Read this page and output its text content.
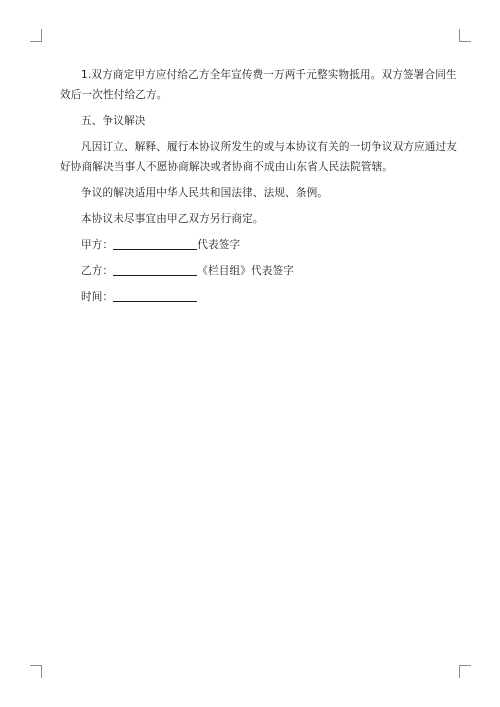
1.双方商定甲方应付给乙方全年宣传费一万两千元整实物抵用。双方签署合同生
效后一次性付给乙方。

五、争议解决

凡因订立、解释、履行本协议所发生的或与本协议有关的一切争议双方应通过友
好协商解决当事人不愿协商解决或者协商不成由山东省人民法院管辖。

争议的解决适用中华人民共和国法律、法规、条例。

本协议未尽事宜由甲乙双方另行商定。

甲方：	代表签字

乙方：	《栏目组》代表签字

时间：
